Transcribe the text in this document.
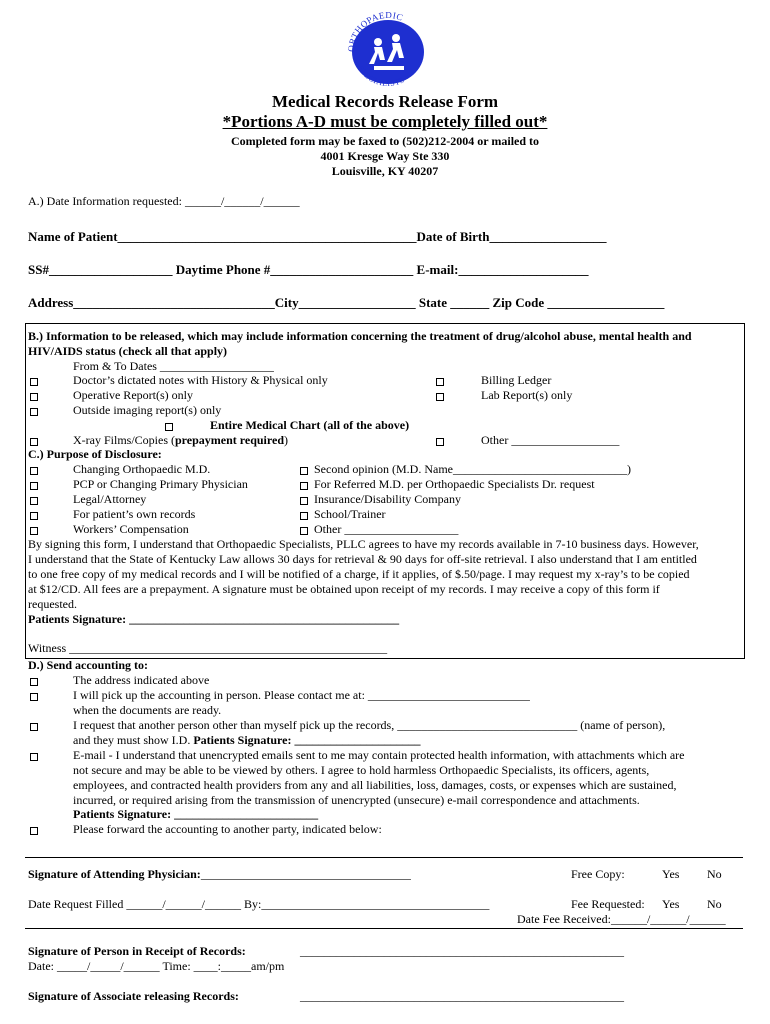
ORTHOPAEDIC
SPECIALISTS
Medical Records Release Form
*Portions A-D must be completely filled out*
Completed form may be faxed to (502)212-2004 or mailed to
4001 Kresge Way Ste 330
Louisville, KY 40207
A.) Date Information requested: ______/______/______
Name of Patient______________________________________________Date of Birth__________________
SS#___________________ Daytime Phone #______________________ E-mail:____________________
Address_______________________________City__________________ State ______ Zip Code __________________
B.) Information to be released, which may include information concerning the treatment of drug/alcohol abuse, mental health and
HIV/AIDS status (check all that apply)
From & To Dates ___________________
Doctor’s dictated notes with History & Physical only	Billing Ledger
Operative Report(s) only	Lab Report(s) only
Outside imaging report(s) only
Entire Medical Chart (all of the above)
X-ray Films/Copies (prepayment required)	Other __________________
C.) Purpose of Disclosure:
Changing Orthopaedic M.D.	Second opinion (M.D. Name_____________________________)
PCP or Changing Primary Physician	For Referred M.D. per Orthopaedic Specialists Dr. request
Legal/Attorney	Insurance/Disability Company
For patient’s own records	School/Trainer
Workers’ Compensation	Other ___________________
By signing this form, I understand that Orthopaedic Specialists, PLLC agrees to have my records available in 7-10 business days. However,
I understand that the State of Kentucky Law allows 30 days for retrieval & 90 days for off-site retrieval. I also understand that I am entitled
to one free copy of my medical records and I will be notified of a charge, if it applies, of $.50/page. I may request my x-ray’s to be copied
at $12/CD. All fees are a prepayment. A signature must be obtained upon receipt of my records. I may receive a copy of this form if
requested.
Patients Signature: _____________________________________________
Witness _____________________________________________________
D.) Send accounting to:
The address indicated above
I will pick up the accounting in person. Please contact me at: ___________________________
when the documents are ready.
I request that another person other than myself pick up the records, ______________________________ (name of person),
and they must show I.D. Patients Signature: _____________________
E-mail - I understand that unencrypted emails sent to me may contain protected health information, with attachments which are
not secure and may be able to be viewed by others. I agree to hold harmless Orthopaedic Specialists, its officers, agents,
employees, and contracted health providers from any and all liabilities, loss, damages, costs, or expenses which are sustained,
incurred, or required arising from the transmission of unencrypted (unsecure) e-mail correspondence and attachments.
Patients Signature: ________________________
Please forward the accounting to another party, indicated below:
Signature of Attending Physician:___________________________________	Free Copy:	Yes No
Date Request Filled ______/______/______ By:______________________________________	Fee Requested: Yes No
Date Fee Received:______/______/______
Signature of Person in Receipt of Records:	______________________________________________________
Date: _____/_____/______ Time: ____:_____am/pm
Signature of Associate releasing Records:	______________________________________________________
